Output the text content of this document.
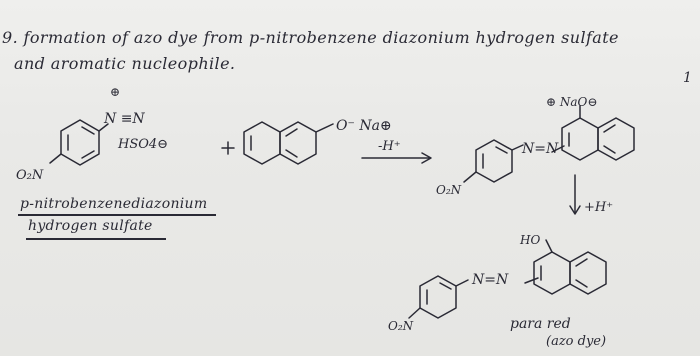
9. formation of azo dye from p-nitrobenzene diazonium hydrogen sulfate
and aromatic nucleophile.
1
⊕
N ≡N
HSO4⊖
O₂N
O⁻ Na⊕
-H⁺
⊕ NaO⊖
N=N
O₂N
+H⁺
HO
N=N
O₂N
p-nitrobenzenediazonium
hydrogen sulfate
para red
(azo dye)
